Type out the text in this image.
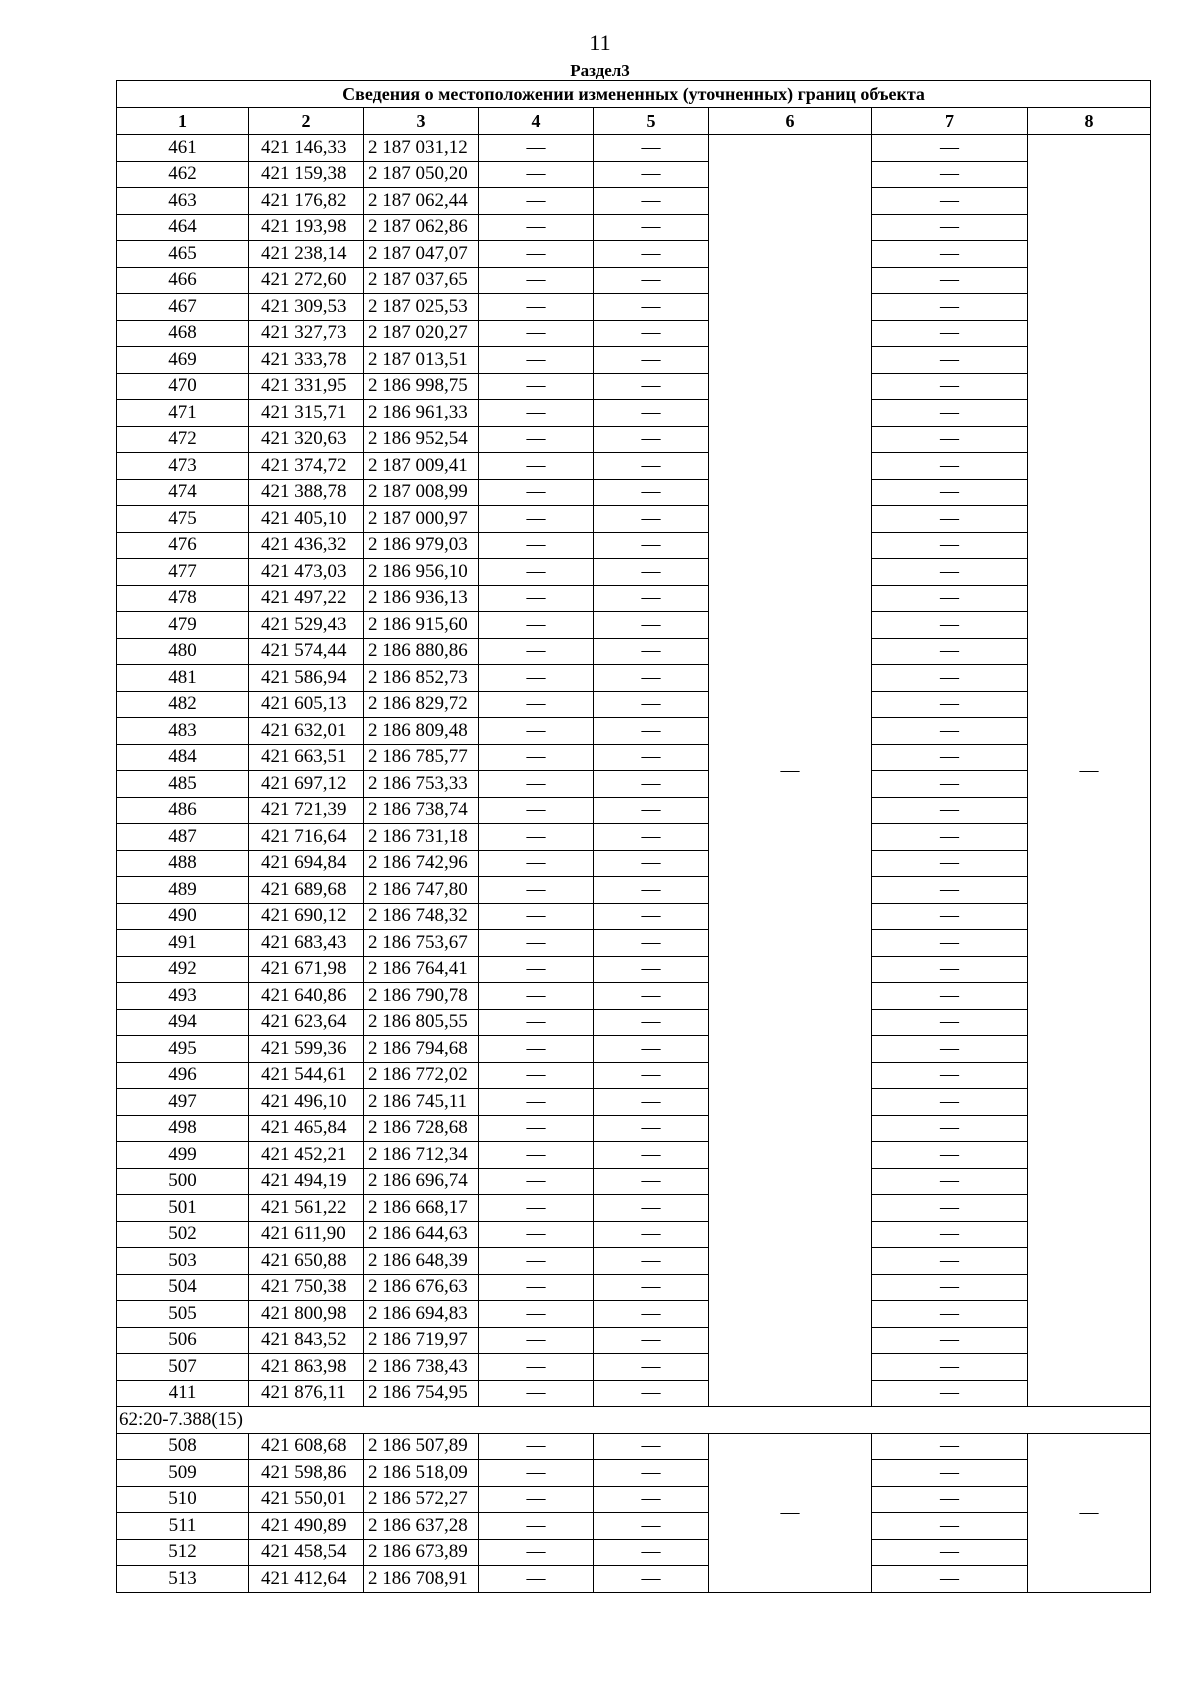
11
Раздел3
Сведения о местоположении измененных (уточненных) границ объекта							
1	2	3	4	5	6	7	8
461	421 146,33	2 187 031,12	—	—	—	—	—
462	421 159,38	2 187 050,20	—	—		—	
463	421 176,82	2 187 062,44	—	—		—	
464	421 193,98	2 187 062,86	—	—		—	
465	421 238,14	2 187 047,07	—	—		—	
466	421 272,60	2 187 037,65	—	—		—	
467	421 309,53	2 187 025,53	—	—		—	
468	421 327,73	2 187 020,27	—	—		—	
469	421 333,78	2 187 013,51	—	—		—	
470	421 331,95	2 186 998,75	—	—		—	
471	421 315,71	2 186 961,33	—	—		—	
472	421 320,63	2 186 952,54	—	—		—	
473	421 374,72	2 187 009,41	—	—		—	
474	421 388,78	2 187 008,99	—	—		—	
475	421 405,10	2 187 000,97	—	—		—	
476	421 436,32	2 186 979,03	—	—		—	
477	421 473,03	2 186 956,10	—	—		—	
478	421 497,22	2 186 936,13	—	—		—	
479	421 529,43	2 186 915,60	—	—		—	
480	421 574,44	2 186 880,86	—	—		—	
481	421 586,94	2 186 852,73	—	—		—	
482	421 605,13	2 186 829,72	—	—		—	
483	421 632,01	2 186 809,48	—	—		—	
484	421 663,51	2 186 785,77	—	—		—	
485	421 697,12	2 186 753,33	—	—		—	
486	421 721,39	2 186 738,74	—	—		—	
487	421 716,64	2 186 731,18	—	—		—	
488	421 694,84	2 186 742,96	—	—		—	
489	421 689,68	2 186 747,80	—	—		—	
490	421 690,12	2 186 748,32	—	—		—	
491	421 683,43	2 186 753,67	—	—		—	
492	421 671,98	2 186 764,41	—	—		—	
493	421 640,86	2 186 790,78	—	—		—	
494	421 623,64	2 186 805,55	—	—		—	
495	421 599,36	2 186 794,68	—	—		—	
496	421 544,61	2 186 772,02	—	—		—	
497	421 496,10	2 186 745,11	—	—		—	
498	421 465,84	2 186 728,68	—	—		—	
499	421 452,21	2 186 712,34	—	—		—	
500	421 494,19	2 186 696,74	—	—		—	
501	421 561,22	2 186 668,17	—	—		—	
502	421 611,90	2 186 644,63	—	—		—	
503	421 650,88	2 186 648,39	—	—		—	
504	421 750,38	2 186 676,63	—	—		—	
505	421 800,98	2 186 694,83	—	—		—	
506	421 843,52	2 186 719,97	—	—		—	
507	421 863,98	2 186 738,43	—	—		—	
411	421 876,11	2 186 754,95	—	—		—	
62:20-7.388(15)							
508	421 608,68	2 186 507,89	—	—	—	—	—
509	421 598,86	2 186 518,09	—	—		—	
510	421 550,01	2 186 572,27	—	—		—	
511	421 490,89	2 186 637,28	—	—		—	
512	421 458,54	2 186 673,89	—	—		—	
513	421 412,64	2 186 708,91	—	—		—	
